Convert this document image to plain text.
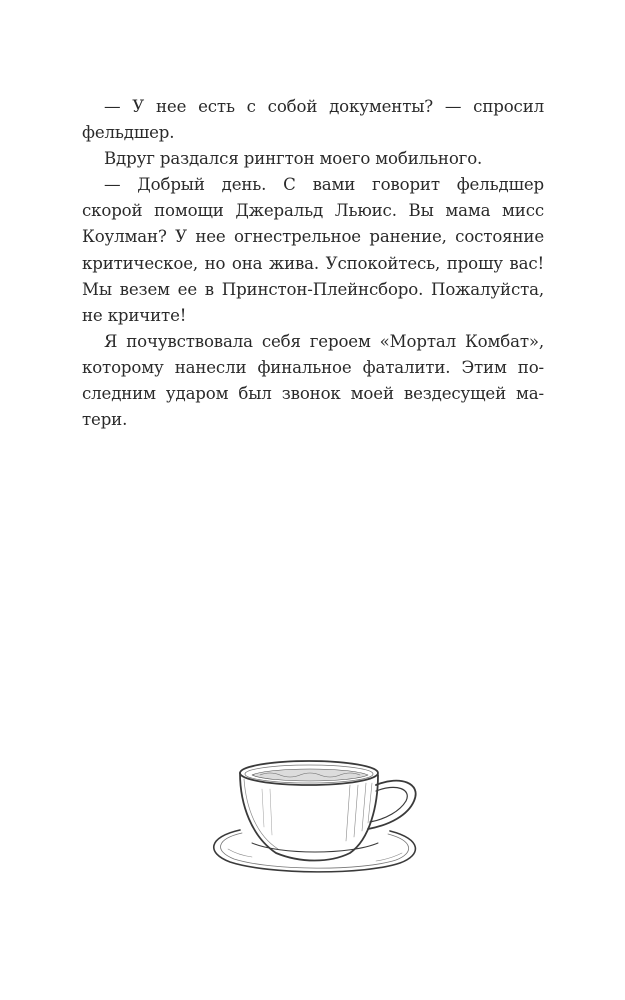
— У нее есть с собой документы? — спросил
фельдшер.

Вдруг раздался рингтон моего мобильного.

— Добрый день. С вами говорит фельдшер
скорой помощи Джеральд Льюис. Вы мама мисс
Коулман? У нее огнестрельное ранение, состояние
критическое, но она жива. Успокойтесь, прошу вас!
Мы везем ее в Принстон-Плейнсборо. Пожалуйста,
не кричите!

Я почувствовала себя героем «Мортал Комбат»,
которому нанесли финальное фаталити. Этим по-
следним ударом был звонок моей вездесущей ма-
тери.
